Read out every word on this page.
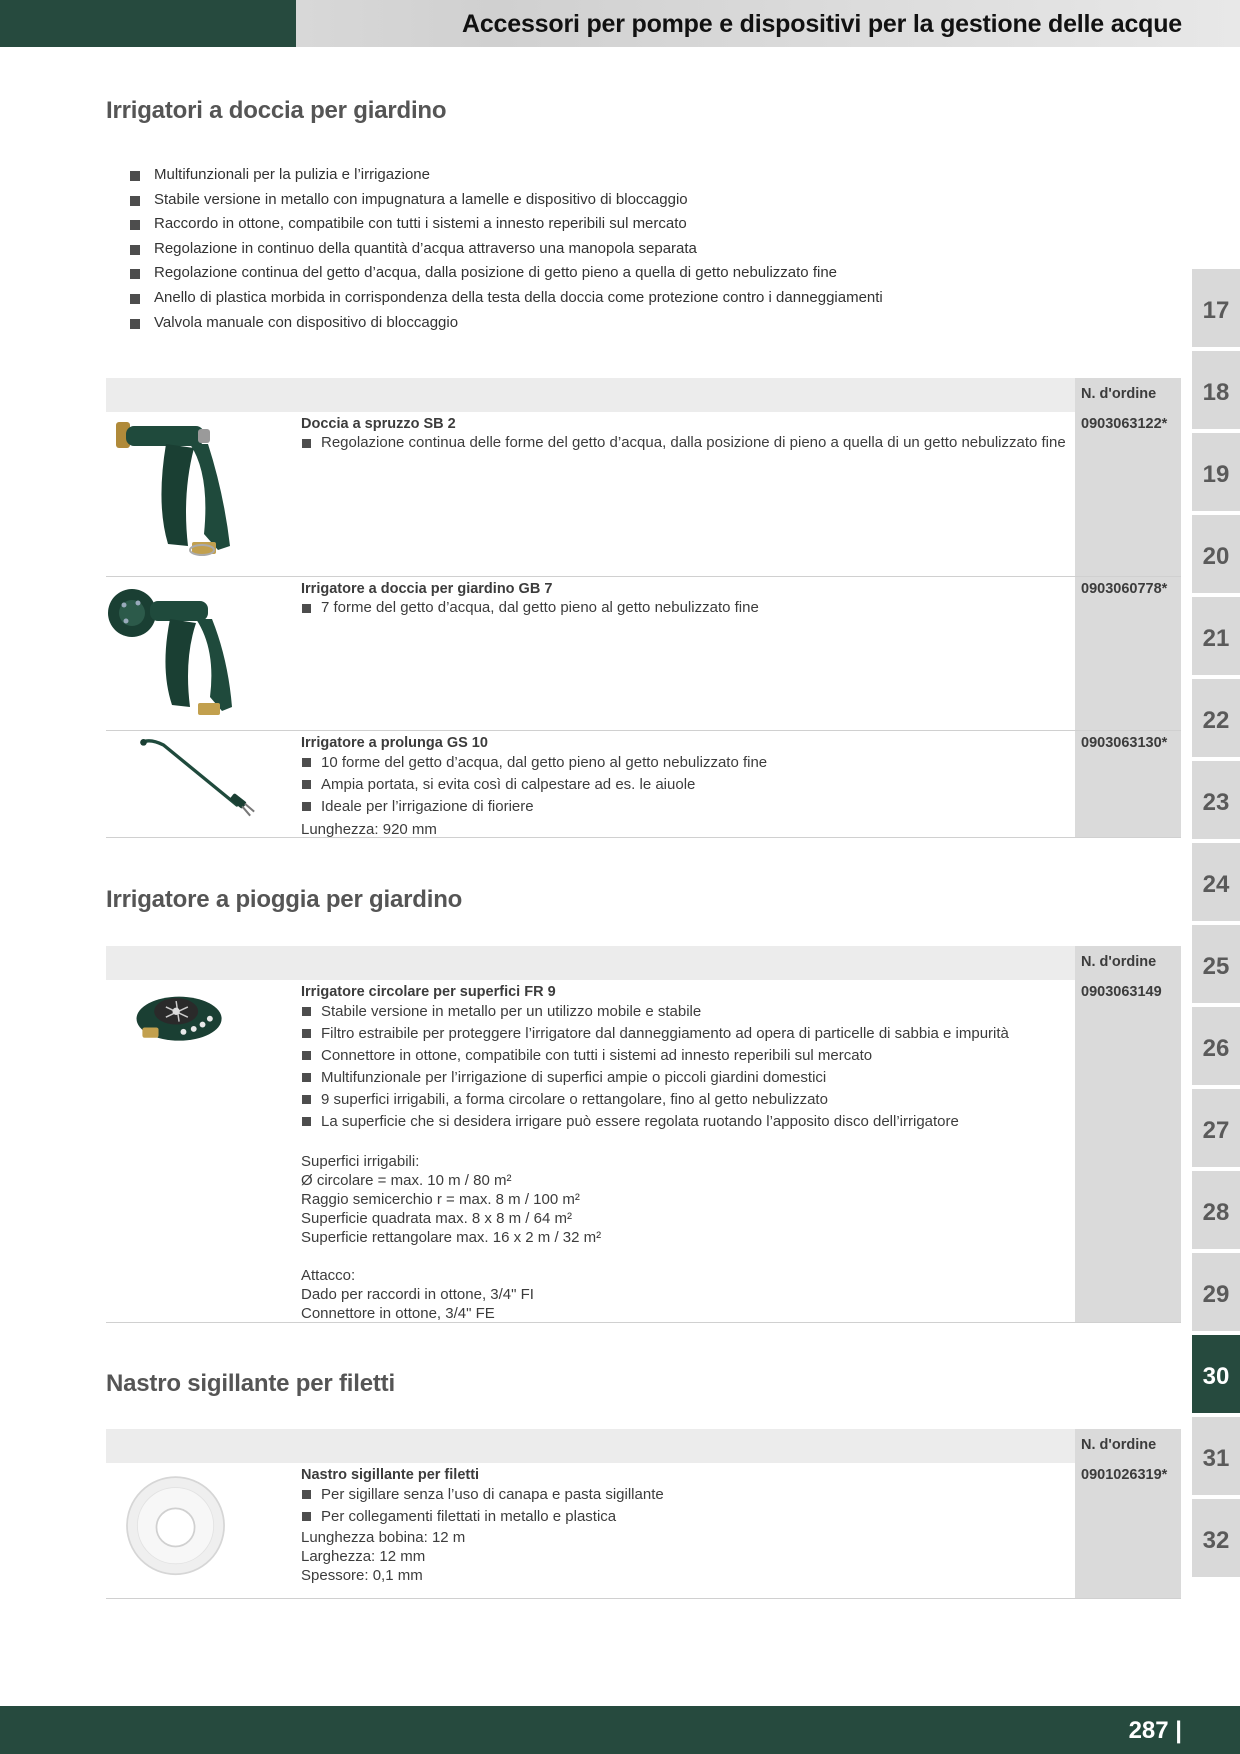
Accessori per pompe e dispositivi per la gestione delle acque
Irrigatori a doccia per giardino
Multifunzionali per la pulizia e l’irrigazione
Stabile versione in metallo con impugnatura a lamelle e dispositivo di bloccaggio
Raccordo in ottone, compatibile con tutti i sistemi a innesto reperibili sul mercato
Regolazione in continuo della quantità d’acqua attraverso una manopola separata
Regolazione continua del getto d’acqua, dalla posizione di getto pieno a quella di getto nebulizzato fine
Anello di plastica morbida in corrispondenza della testa della doccia come protezione contro i danneggiamenti
Valvola manuale con dispositivo di bloccaggio
N. d'ordine
0903063122*
Doccia a spruzzo SB 2
Regolazione continua delle forme del getto d’acqua, dalla posizione di pieno a quella di un getto nebulizzato fine
0903060778*
Irrigatore a doccia per giardino GB 7
7 forme del getto d’acqua, dal getto pieno al getto nebulizzato fine
0903063130*
Irrigatore a prolunga GS 10
10 forme del getto d’acqua, dal getto pieno al getto nebulizzato fine
Ampia portata, si evita così di calpestare ad es. le aiuole
Ideale per l’irrigazione di fioriere
Lunghezza: 920 mm
Irrigatore a pioggia per giardino
N. d'ordine
0903063149
Irrigatore circolare per superfici FR 9
Stabile versione in metallo per un utilizzo mobile e stabile
Filtro estraibile per proteggere l’irrigatore dal danneggiamento ad opera di particelle di sabbia e impurità
Connettore in ottone, compatibile con tutti i sistemi ad innesto reperibili sul mercato
Multifunzionale per l’irrigazione di superfici ampie o piccoli giardini domestici
9 superfici irrigabili, a forma circolare o rettangolare, fino al getto nebulizzato
La superficie che si desidera irrigare può essere regolata ruotando l’apposito disco dell’irrigatore
Superfici irrigabili:
Ø circolare = max. 10 m / 80 m²
Raggio semicerchio r = max. 8 m / 100 m²
Superficie quadrata max. 8 x 8 m / 64 m²
Superficie rettangolare max. 16 x 2 m / 32 m²
Attacco:
Dado per raccordi in ottone, 3/4" FI
Connettore in ottone, 3/4" FE
Nastro sigillante per filetti
N. d'ordine
0901026319*
Nastro sigillante per filetti
Per sigillare senza l’uso di canapa e pasta sigillante
Per collegamenti filettati in metallo e plastica
Lunghezza bobina: 12 m
Larghezza: 12 mm
Spessore: 0,1 mm
17
18
19
20
21
22
23
24
25
26
27
28
29
30
31
32
287 |
